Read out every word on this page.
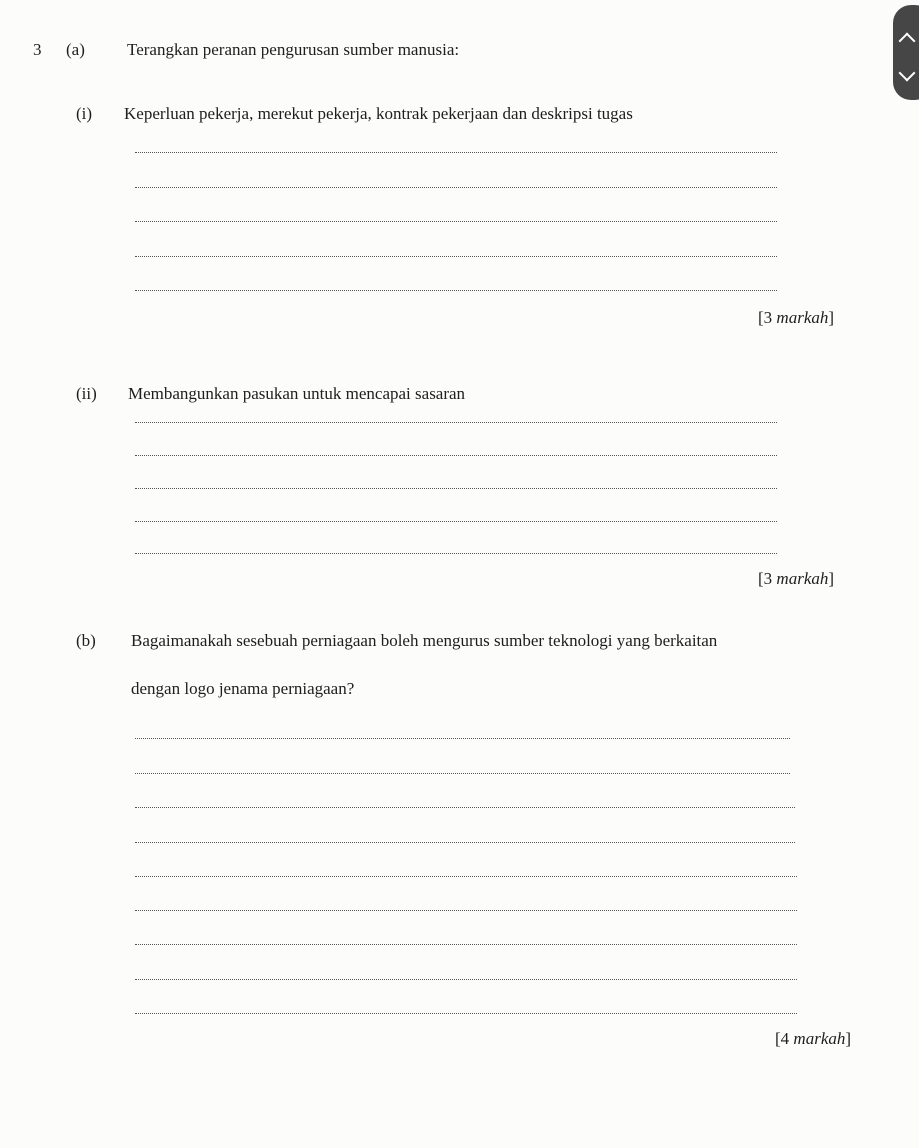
3 (a) Terangkan peranan pengurusan sumber manusia:
(i) Keperluan pekerja, merekut pekerja, kontrak pekerjaan dan deskripsi tugas
[3 markah]
(ii) Membangunkan pasukan untuk mencapai sasaran
[3 markah]
(b) Bagaimanakah sesebuah perniagaan boleh mengurus sumber teknologi yang berkaitan
dengan logo jenama perniagaan?
[4 markah]
